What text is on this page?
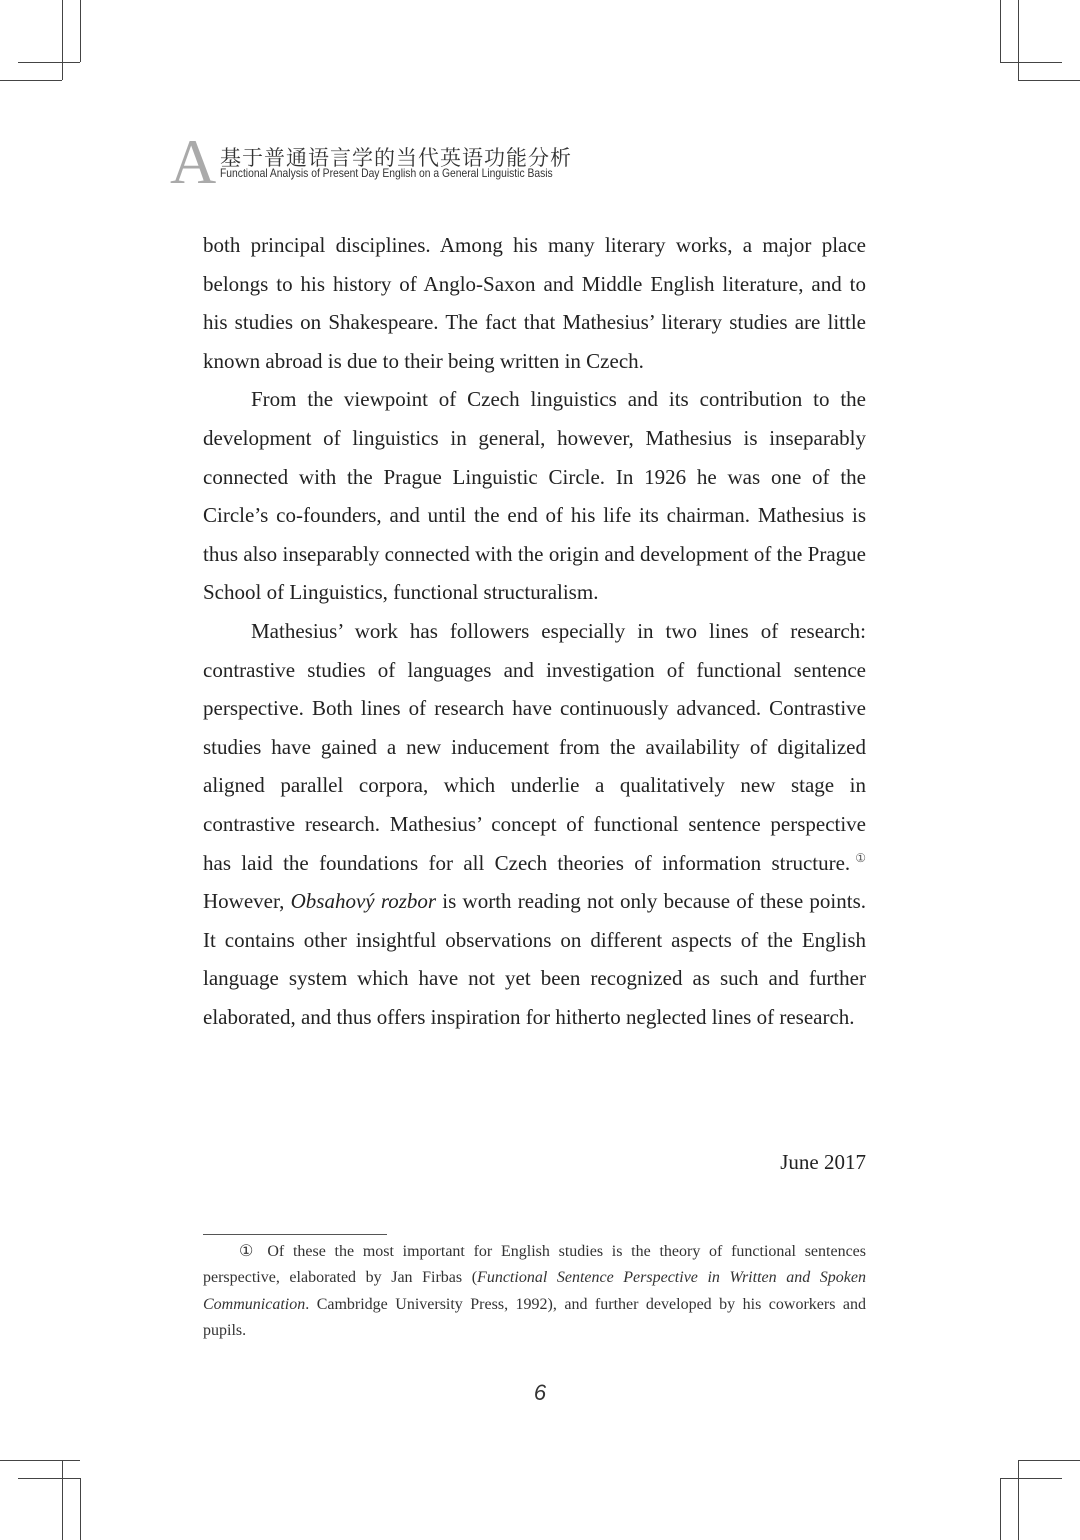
A 基于普通语言学的当代英语功能分析
Functional Analysis of Present Day English on a General Linguistic Basis

both principal disciplines. Among his many literary works, a major place belongs to his history of Anglo-Saxon and Middle English literature, and to his studies on Shakespeare. The fact that Mathesius’ literary studies are little known abroad is due to their being written in Czech.

From the viewpoint of Czech linguistics and its contribution to the development of linguistics in general, however, Mathesius is inseparably connected with the Prague Linguistic Circle. In 1926 he was one of the Circle’s co-founders, and until the end of his life its chairman. Mathesius is thus also inseparably connected with the origin and development of the Prague School of Linguistics, functional structuralism.

Mathesius’ work has followers especially in two lines of research: contrastive studies of languages and investigation of functional sentence perspective. Both lines of research have continuously advanced. Contrastive studies have gained a new inducement from the availability of digitalized aligned parallel corpora, which underlie a qualitatively new stage in contrastive research. Mathesius’ concept of functional sentence perspective has laid the foundations for all Czech theories of information structure.① However, Obsahový rozbor is worth reading not only because of these points. It contains other insightful observations on different aspects of the English language system which have not yet been recognized as such and further elaborated, and thus offers inspiration for hitherto neglected lines of research.

June 2017
① Of these the most important for English studies is the theory of functional sentences perspective, elaborated by Jan Firbas (Functional Sentence Perspective in Written and Spoken Communication. Cambridge University Press, 1992), and further developed by his coworkers and pupils.
6
